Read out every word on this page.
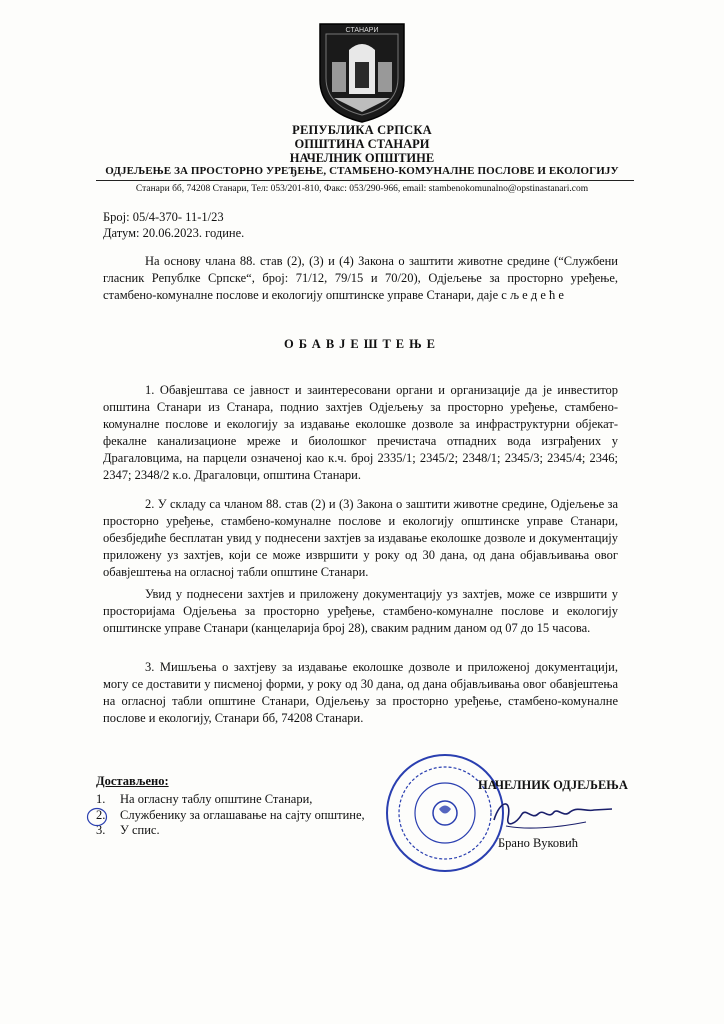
СТАНАРИ
РЕПУБЛИКА СРПСКА
ОПШТИНА СТАНАРИ
НАЧЕЛНИК ОПШТИНЕ
ОДЈЕЉЕЊЕ ЗА ПРОСТОРНО УРЕЂЕЊЕ, СТАМБЕНО-КОМУНАЛНЕ ПОСЛОВЕ И ЕКОЛОГИЈУ
Станари бб, 74208 Станари, Тел: 053/201-810, Факс: 053/290-966, email: stambenokomunalno@opstinastanari.com
Број: 05/4-370- 11-1/23
Датум: 20.06.2023. године.

На основу члана 88. став (2), (3) и (4) Закона о заштити животне средине (“Службени гласник Републке Српске“, број: 71/12, 79/15 и 70/20), Одјељење за просторно уређење, стамбено-комуналне послове и екологију општинске управе Станари, даје с љ е д е ћ е

ОБАВЈЕШТЕЊЕ

1. Обавјештава се јавност и заинтересовани органи и организације да је инвеститор општина Станари из Станара, поднио захтјев Одјељењу за просторно уређење, стамбено-комуналне послове и екологију за издавање еколошке дозволе за инфраструктурни објекат-фекалне канализационе мреже и биолошког пречистача отпадних вода изграђених у Драгаловцима, на парцели означеној као к.ч. број 2335/1; 2345/2; 2348/1; 2345/3; 2345/4; 2346; 2347; 2348/2 к.о. Драгаловци, општина Станари.

2. У складу са чланом 88. став (2) и (3) Закона о заштити животне средине, Одјељење за просторно уређење, стамбено-комуналне послове и екологију општинске управе Станари, обезбједиће бесплатан увид у поднесени захтјев за издавање еколошке дозволе и документацију приложену уз захтјев, који се може извршити у року од 30 дана, од дана објављивања овог обавјештења на огласној табли општине Станари.

Увид у поднесени захтјев и приложену документацију уз захтјев, може се извршити у просторијама Одјељења за просторно уређење, стамбено-комуналне послове и екологију општинске управе Станари (канцеларија број 28), сваким радним даном од 07 до 15 часова.

3. Мишљења о захтјеву за издавање еколошке дозволе и приложеној документацији, могу се доставити у писменој форми, у року од 30 дана, од дана објављивања овог обавјештења на огласној табли општине Станари, Одјељењу за просторно уређење, стамбено-комуналне послове и екологију, Станари бб, 74208 Станари.

Достављено:
1.	На огласну таблу општине Станари,
2.	Службенику за оглашавање на сајту општине,
3.	У спис.
НАЧЕЛНИК ОДЈЕЉЕЊА
Брано Вуковић
